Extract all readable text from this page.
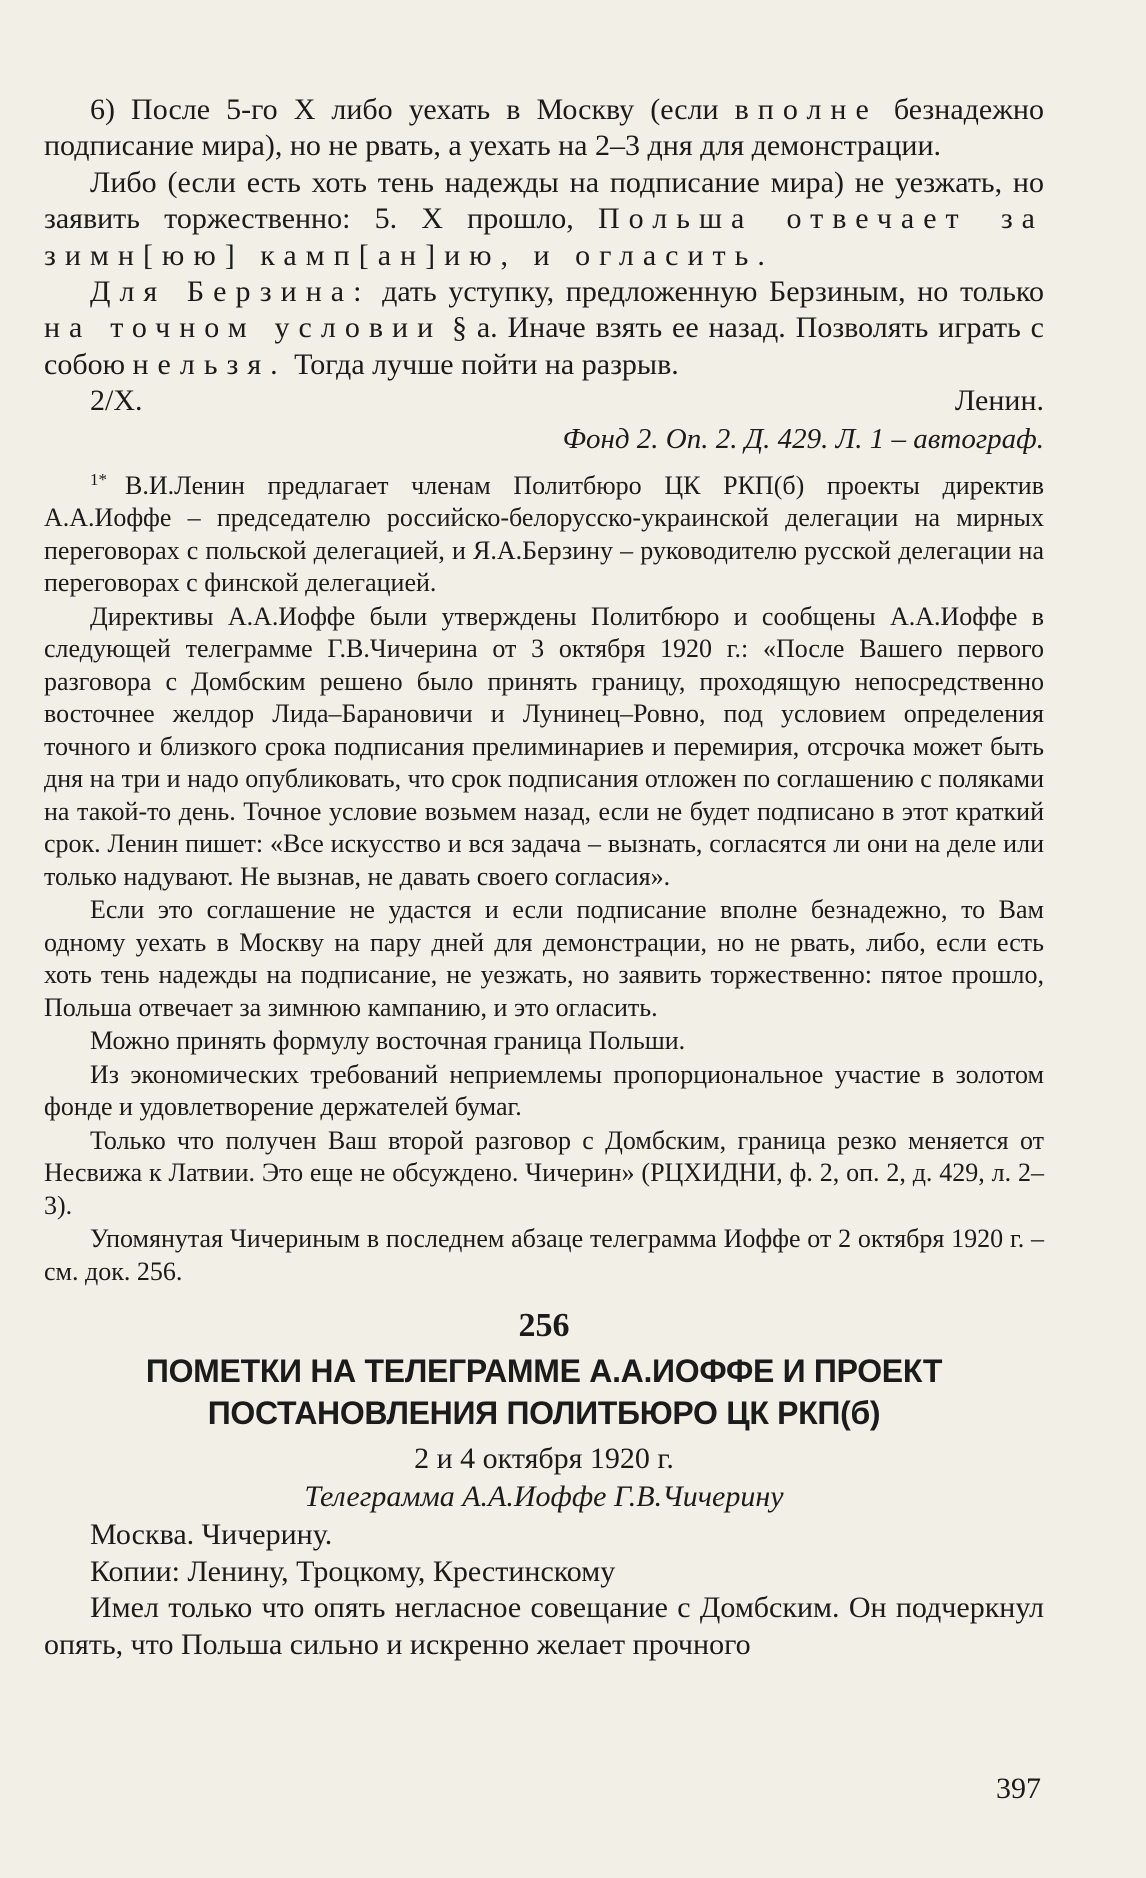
6) После 5-го X либо уехать в Москву (если вполне безнадежно подписание мира), но не рвать, а уехать на 2–3 дня для демонстрации.

Либо (если есть хоть тень надежды на подписание мира) не уезжать, но заявить торжественно: 5. X прошло, Польша отвечает за зимн[юю] камп[ан]ию, и огласить.

Для Берзина: дать уступку, предложенную Берзиным, но только на точном условии § а. Иначе взять ее назад. Позволять играть с собою нельзя. Тогда лучше пойти на разрыв.

2/X.	Ленин.

Фонд 2. Оп. 2. Д. 429. Л. 1 – автограф.

$^{1*}$ В.И.Ленин предлагает членам Политбюро ЦК РКП(б) проекты директив А.А.Иоффе – председателю российско-белорусско-украинской делегации на мирных переговорах с польской делегацией, и Я.А.Берзину – руководителю русской делегации на переговорах с финской делегацией.

Директивы А.А.Иоффе были утверждены Политбюро и сообщены А.А.Иоффе в следующей телеграмме Г.В.Чичерина от 3 октября 1920 г.: «После Вашего первого разговора с Домбским решено было принять границу, проходящую непосредственно восточнее желдор Лида–Барановичи и Лунинец–Ровно, под условием определения точного и близкого срока подписания прелиминариев и перемирия, отсрочка может быть дня на три и надо опубликовать, что срок подписания отложен по соглашению с поляками на такой-то день. Точное условие возьмем назад, если не будет подписано в этот краткий срок. Ленин пишет: «Все искусство и вся задача – вызнать, согласятся ли они на деле или только надувают. Не вызнав, не давать своего согласия».

Если это соглашение не удастся и если подписание вполне безнадежно, то Вам одному уехать в Москву на пару дней для демонстрации, но не рвать, либо, если есть хоть тень надежды на подписание, не уезжать, но заявить торжественно: пятое прошло, Польша отвечает за зимнюю кампанию, и это огласить.

Можно принять формулу восточная граница Польши.

Из экономических требований неприемлемы пропорциональное участие в золотом фонде и удовлетворение держателей бумаг.

Только что получен Ваш второй разговор с Домбским, граница резко меняется от Несвижа к Латвии. Это еще не обсуждено. Чичерин» (РЦХИДНИ, ф. 2, оп. 2, д. 429, л. 2–3).

Упомянутая Чичериным в последнем абзаце телеграмма Иоффе от 2 октября 1920 г. – см. док. 256.

256
ПОМЕТКИ НА ТЕЛЕГРАММЕ А.А.ИОФФЕ И ПРОЕКТ
ПОСТАНОВЛЕНИЯ ПОЛИТБЮРО ЦК РКП(б)
2 и 4 октября 1920 г.
Телеграмма А.А.Иоффе Г.В.Чичерину
Москва. Чичерину.
Копии: Ленину, Троцкому, Крестинскому

Имел только что опять негласное совещание с Домбским. Он подчеркнул опять, что Польша сильно и искренно желает прочного

397
